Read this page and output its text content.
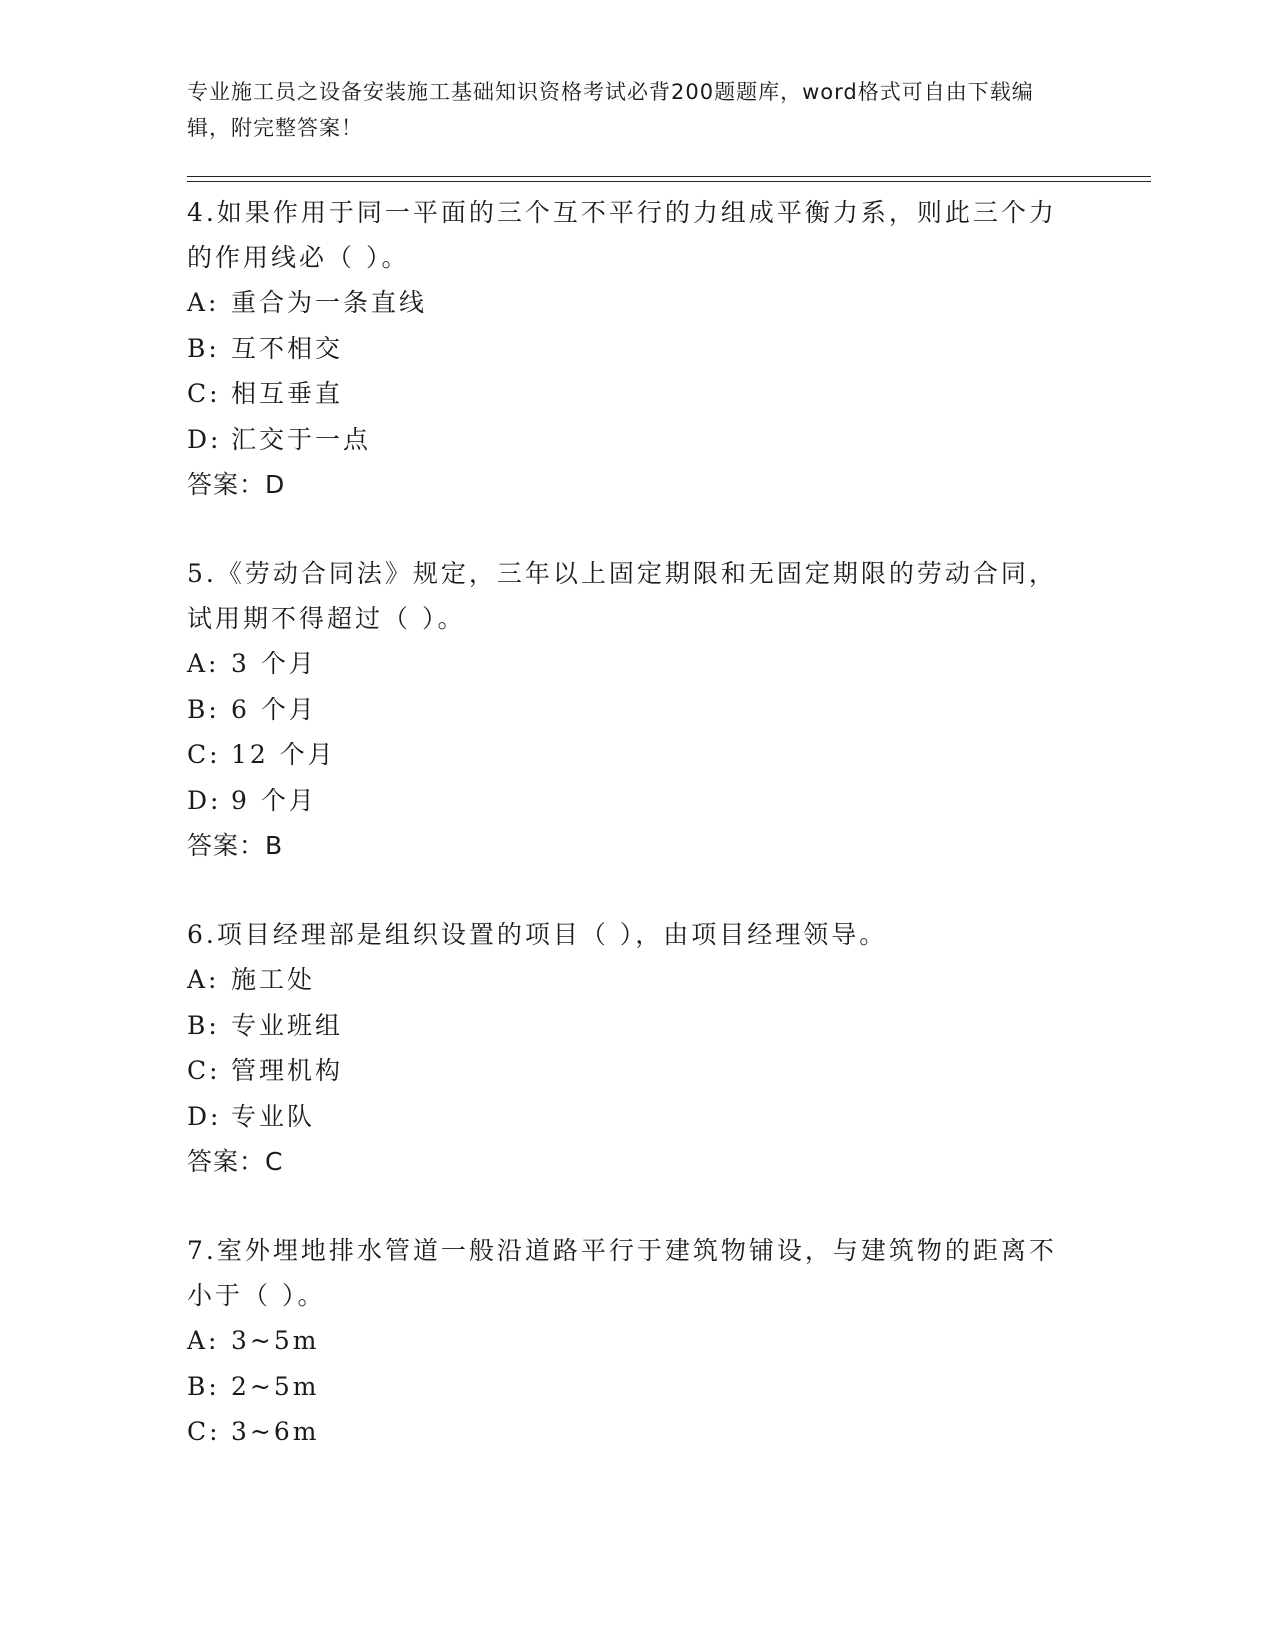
专业施工员之设备安装施工基础知识资格考试必背200题题库，word格式可自由下载编辑，附完整答案！
4.如果作用于同一平面的三个互不平行的力组成平衡力系，则此三个力的作用线必（ ）。
A: 重合为一条直线
B: 互不相交
C: 相互垂直
D: 汇交于一点
答案：D
5.《劳动合同法》规定，三年以上固定期限和无固定期限的劳动合同，试用期不得超过（ ）。
A: 3 个月
B: 6 个月
C: 12 个月
D: 9 个月
答案：B
6.项目经理部是组织设置的项目（ ），由项目经理领导。
A: 施工处
B: 专业班组
C: 管理机构
D: 专业队
答案：C
7.室外埋地排水管道一般沿道路平行于建筑物铺设，与建筑物的距离不小于（ ）。
A: 3~5m
B: 2~5m
C: 3~6m
